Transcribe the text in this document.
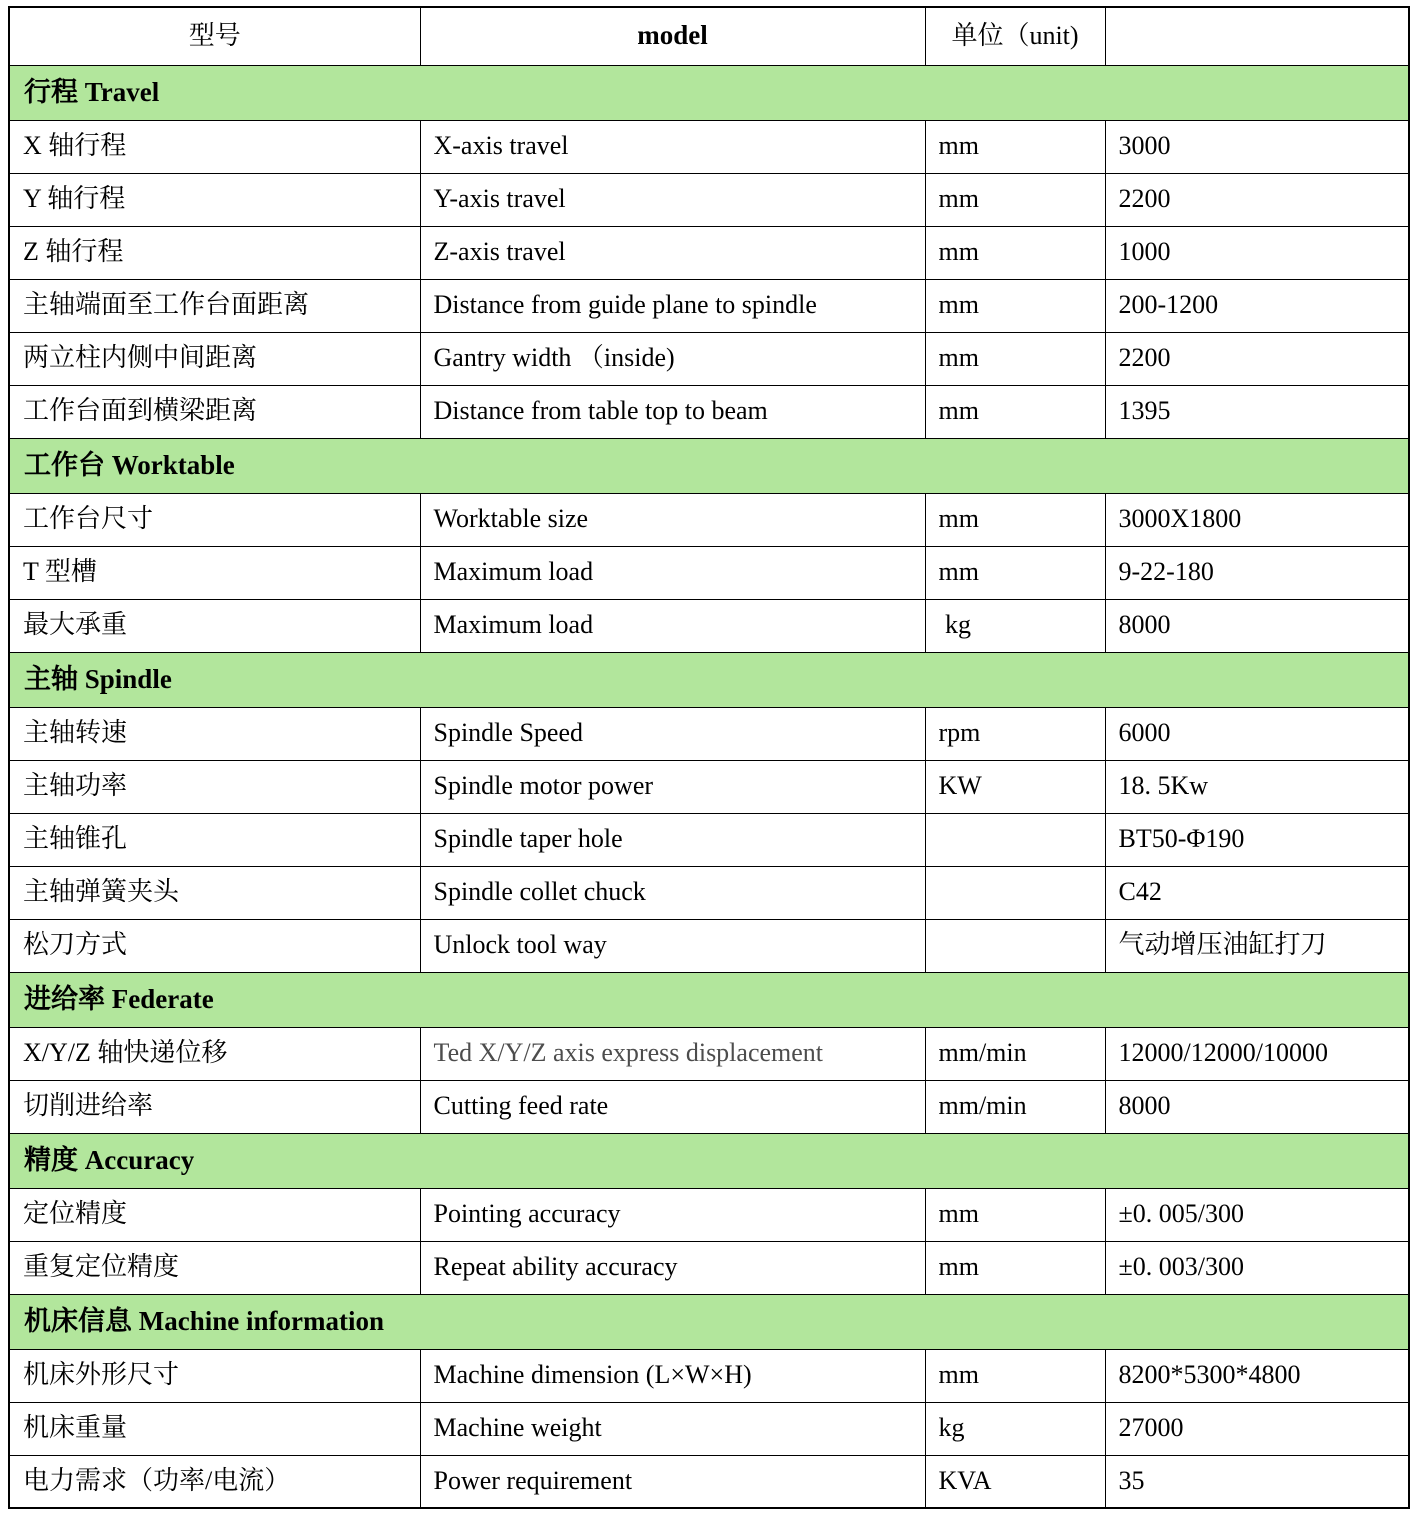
型号	model	单位（unit)	
行程 Travel			
X 轴行程	X-axis travel	mm	3000
Y 轴行程	Y-axis travel	mm	2200
Z 轴行程	Z-axis travel	mm	1000
主轴端面至工作台面距离	Distance from guide plane to spindle	mm	200-1200
两立柱内侧中间距离	Gantry width （inside)	mm	2200
工作台面到横梁距离	Distance from table top to beam	mm	1395
工作台 Worktable			
工作台尺寸	Worktable size	mm	3000X1800
T 型槽	Maximum load	mm	9-22-180
最大承重	Maximum load	kg	8000
主轴 Spindle			
主轴转速	Spindle Speed	rpm	6000
主轴功率	Spindle motor power	KW	18. 5Kw
主轴锥孔	Spindle taper hole		BT50-Φ190
主轴弹簧夹头	Spindle collet chuck		C42
松刀方式	Unlock tool way		气动增压油缸打刀
进给率 Federate			
X/Y/Z 轴快递位移	Ted X/Y/Z axis express displacement	mm/min	12000/12000/10000
切削进给率	Cutting feed rate	mm/min	8000
精度 Accuracy			
定位精度	Pointing accuracy	mm	±0. 005/300
重复定位精度	Repeat ability accuracy	mm	±0. 003/300
机床信息 Machine information			
机床外形尺寸	Machine dimension (L×W×H)	mm	8200*5300*4800
机床重量	Machine weight	kg	27000
电力需求（功率/电流）	Power requirement	KVA	35
